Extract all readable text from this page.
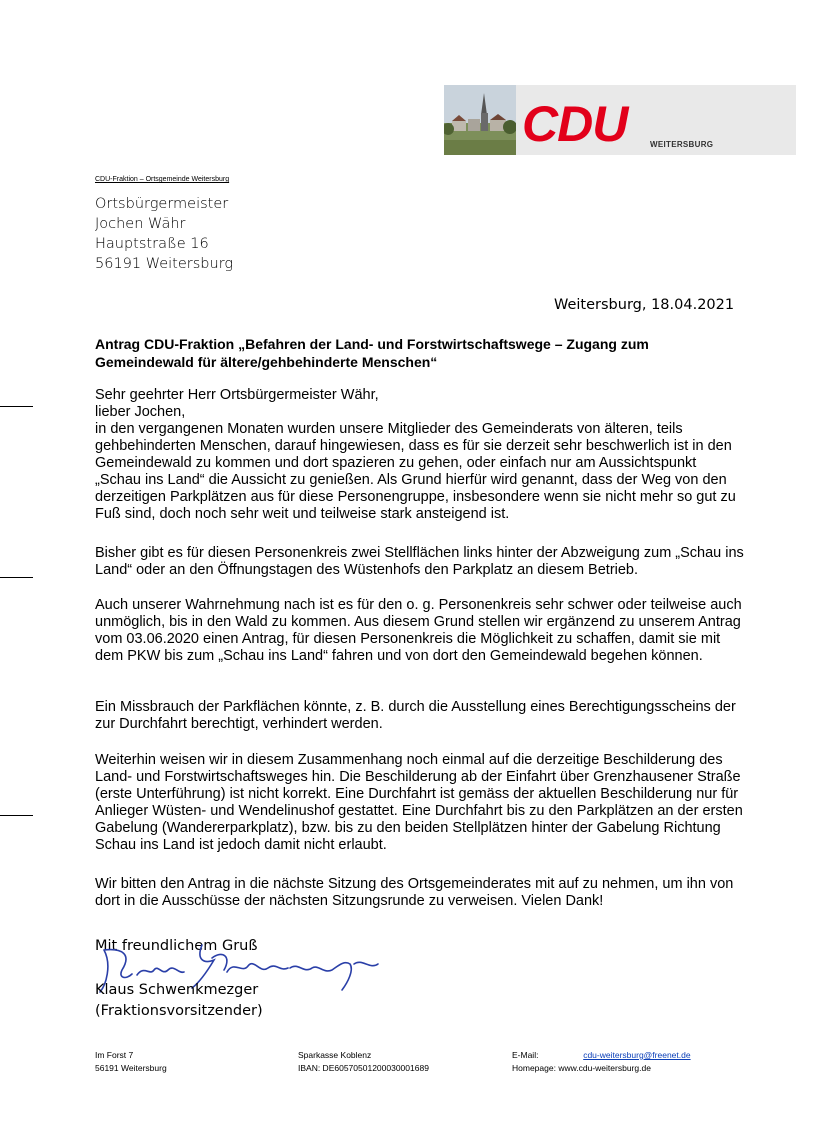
CDU	WEITERSBURG
CDU-Fraktion – Ortsgemeinde Weitersburg
Ortsbürgermeister
Jochen Währ
Hauptstraße 16
56191 Weitersburg
Weitersburg, 18.04.2021
Antrag CDU-Fraktion „Befahren der Land- und Forstwirtschaftswege – Zugang zum Gemeindewald für ältere/gehbehinderte Menschen“
Sehr geehrter Herr Ortsbürgermeister Währ,
lieber Jochen,
in den vergangenen Monaten wurden unsere Mitglieder des Gemeinderats von älteren, teils gehbehinderten Menschen, darauf hingewiesen, dass es für sie derzeit sehr beschwerlich ist in den Gemeindewald zu kommen und dort spazieren zu gehen, oder einfach nur am Aussichtspunkt „Schau ins Land“ die Aussicht zu genießen. Als Grund hierfür wird genannt, dass der Weg von den derzeitigen Parkplätzen aus für diese Personengruppe, insbesondere wenn sie nicht mehr so gut zu Fuß sind, doch noch sehr weit und teilweise stark ansteigend ist.
Bisher gibt es für diesen Personenkreis zwei Stellflächen links hinter der Abzweigung zum „Schau ins Land“ oder an den Öffnungstagen des Wüstenhofs den Parkplatz an diesem Betrieb.
Auch unserer Wahrnehmung nach ist es für den o. g. Personenkreis sehr schwer oder teilweise auch unmöglich, bis in den Wald zu kommen. Aus diesem Grund stellen wir ergänzend zu unserem Antrag vom 03.06.2020 einen Antrag, für diesen Personenkreis die Möglichkeit zu schaffen, damit sie mit dem PKW bis zum „Schau ins Land“ fahren und von dort den Gemeindewald begehen können.
Ein Missbrauch der Parkflächen könnte, z. B. durch die Ausstellung eines Berechtigungsscheins der zur Durchfahrt berechtigt, verhindert werden.
Weiterhin weisen wir in diesem Zusammenhang noch einmal auf die derzeitige Beschilderung des Land- und Forstwirtschaftsweges hin. Die Beschilderung ab der Einfahrt über Grenzhausener Straße (erste Unterführung) ist nicht korrekt. Eine Durchfahrt ist gemäss der aktuellen Beschilderung nur für Anlieger Wüsten- und Wendelinushof gestattet. Eine Durchfahrt bis zu den Parkplätzen an der ersten Gabelung (Wandererparkplatz), bzw. bis zu den beiden Stellplätzen hinter der Gabelung Richtung Schau ins Land ist jedoch damit nicht erlaubt.
Wir bitten den Antrag in die nächste Sitzung des Ortsgemeinderates mit auf zu nehmen, um ihn von dort in die Ausschüsse der nächsten Sitzungsrunde zu verweisen. Vielen Dank!
Mit freundlichem Gruß
Klaus Schwenkmezger
(Fraktionsvorsitzender)
Im Forst 7
56191 Weitersburg
Sparkasse Koblenz
IBAN: DE60570501200030001689
E-Mail:	cdu-weitersburg@freenet.de
Homepage: www.cdu-weitersburg.de
